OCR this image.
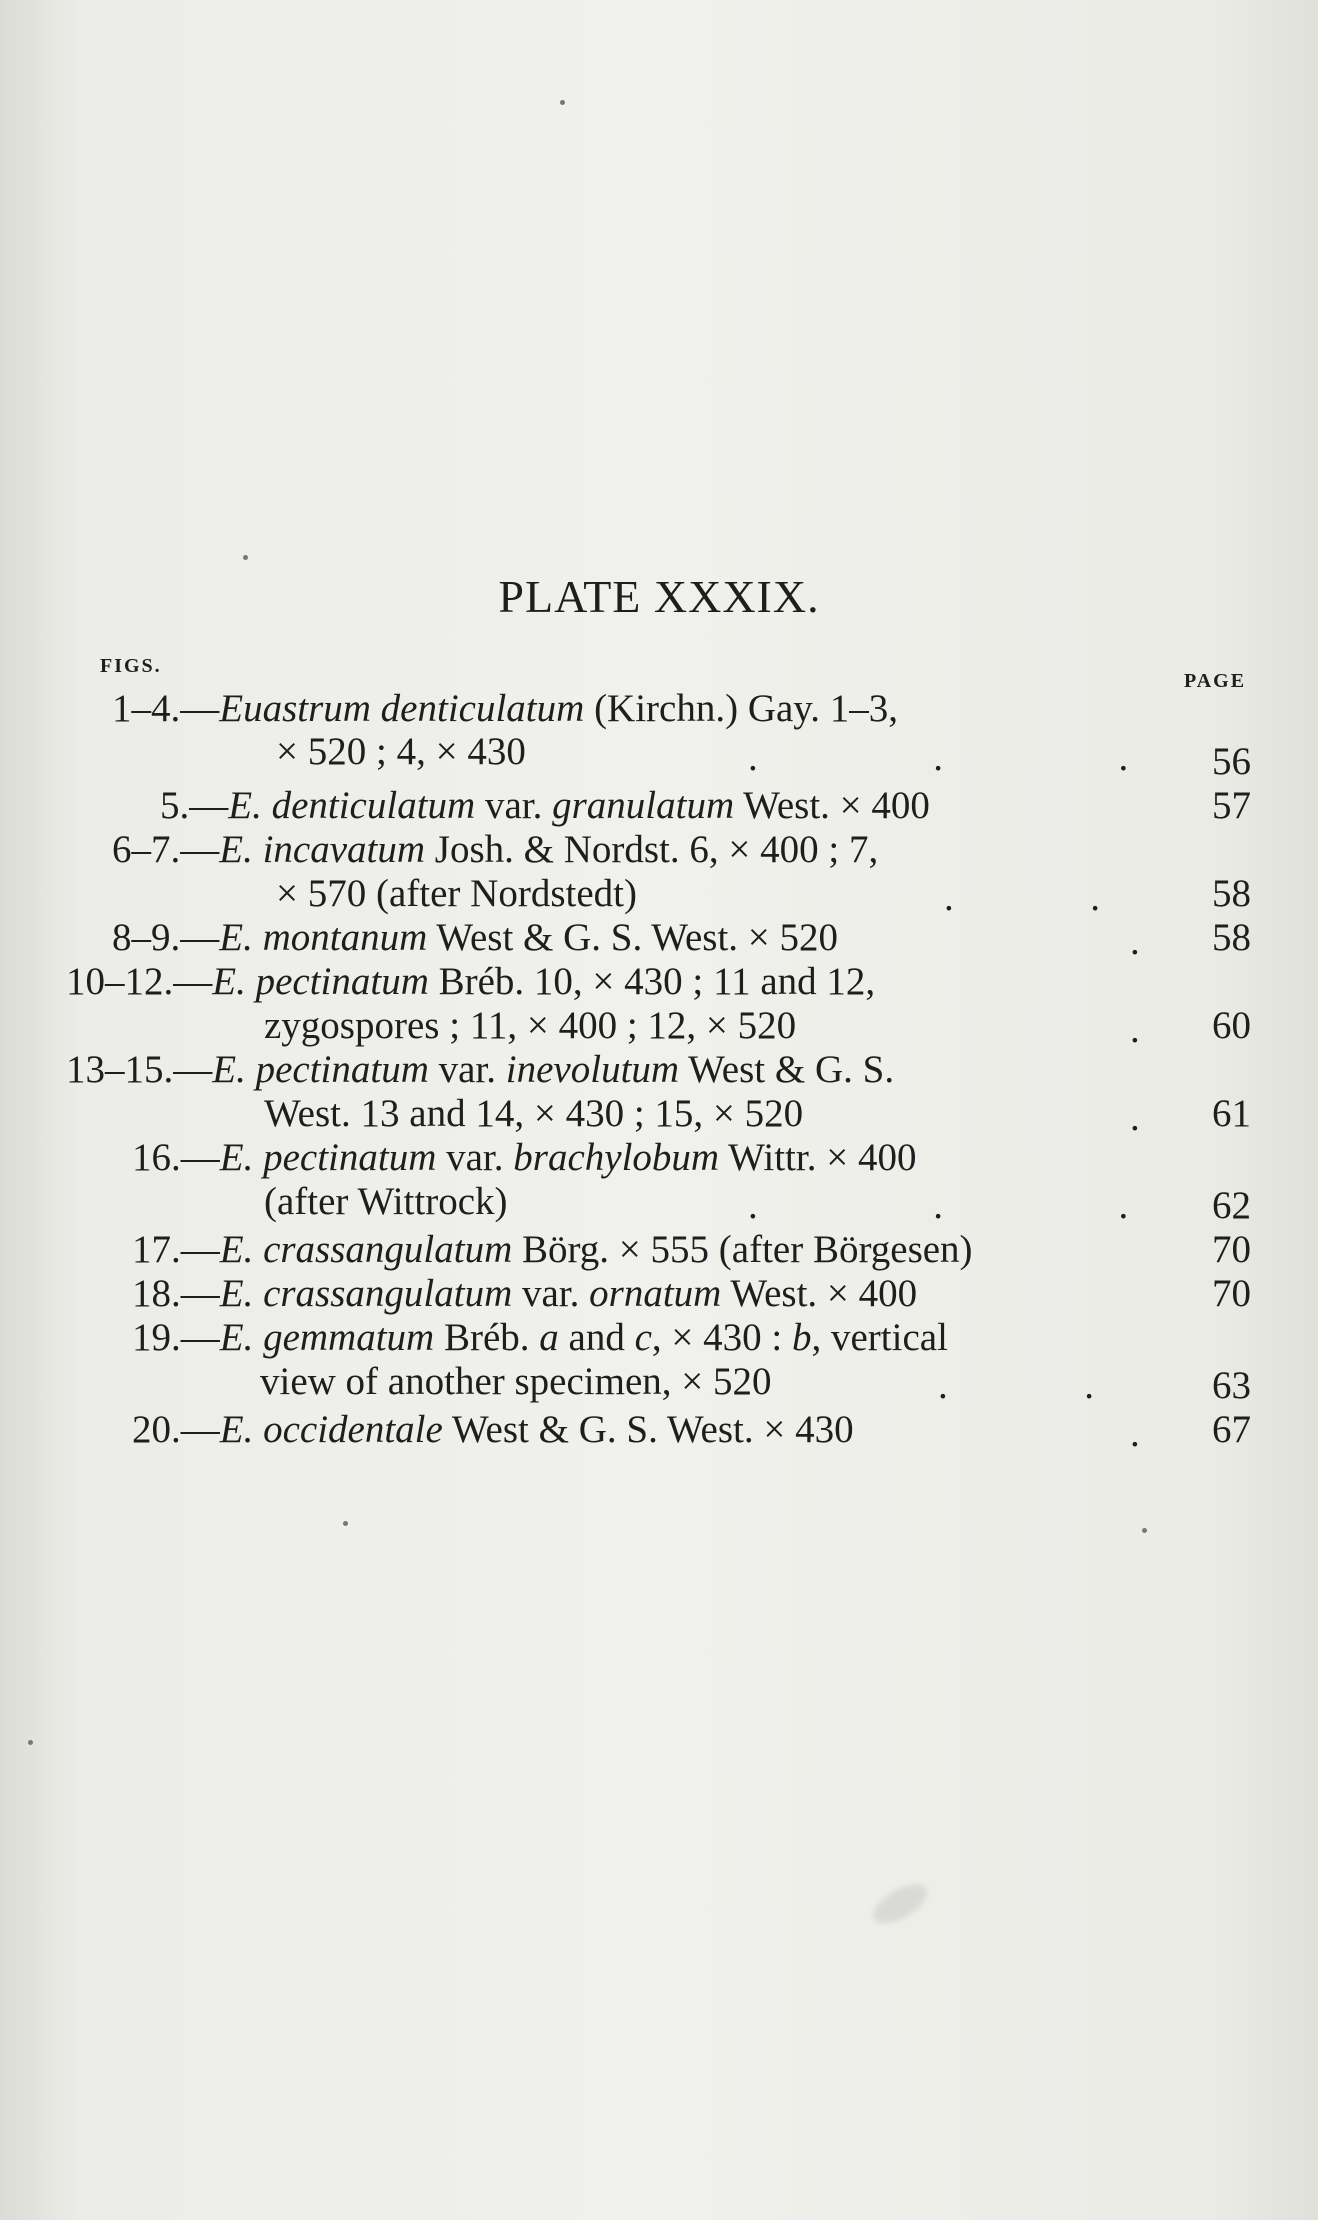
PLATE XXXIX.
FIGS.
PAGE
1–4.—Euastrum denticulatum (Kirchn.) Gay. 1–3,
× 520 ; 4, × 430	.                  .                  . 56
5.—E. denticulatum var. granulatum West. × 400	57
6–7.—E. incavatum Josh. & Nordst. 6, × 400 ; 7,
× 570 (after Nordstedt)	.              .	58
8–9.—E. montanum West & G. S. West. × 520	. 58
10–12.—E. pectinatum Bréb. 10, × 430 ; 11 and 12,
zygospores ; 11, × 400 ; 12, × 520	. 60
13–15.—E. pectinatum var. inevolutum West & G. S.
West. 13 and 14, × 430 ; 15, × 520	. 61
16.—E. pectinatum var. brachylobum Wittr. × 400
(after Wittrock)	.                  .                  . 62
17.—E. crassangulatum Börg. × 555 (after Börgesen)	70
18.—E. crassangulatum var. ornatum West. × 400	70
19.—E. gemmatum Bréb. a and c, × 430 : b, vertical
view of another specimen, × 520	.              .	63
20.—E. occidentale West & G. S. West. × 430	. 67
